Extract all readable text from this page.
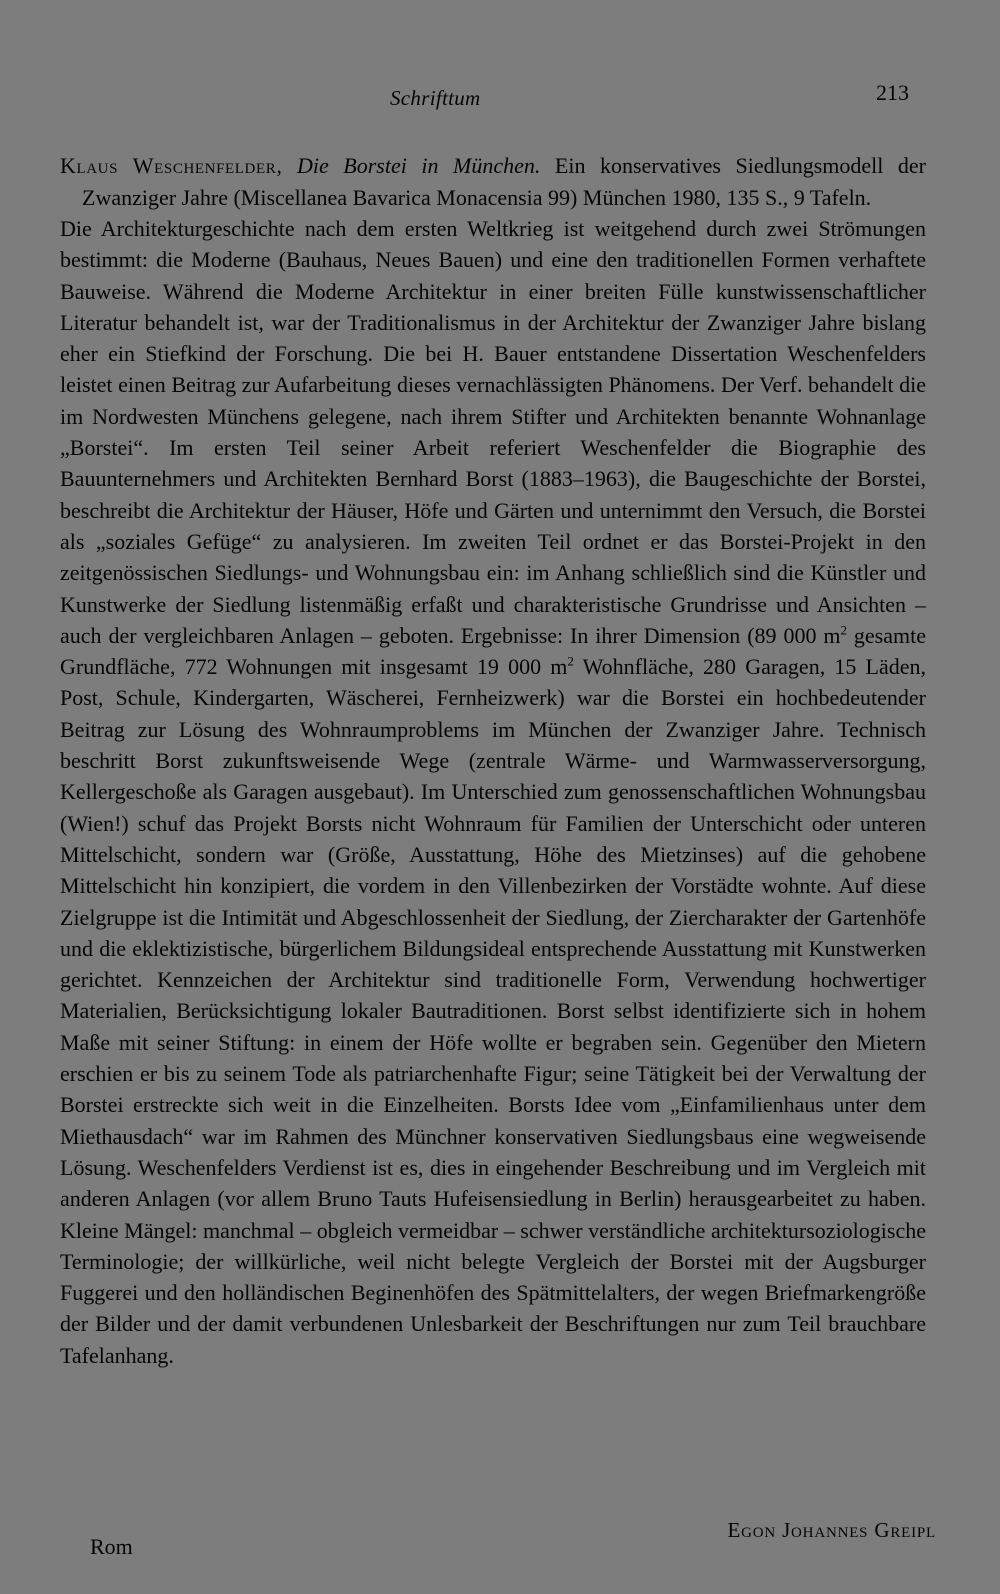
Schrifttum	213

Klaus Weschenfelder, Die Borstei in München. Ein konservatives Siedlungsmodell der Zwanziger Jahre (Miscellanea Bavarica Monacensia 99) München 1980, 135 S., 9 Tafeln.

Die Architekturgeschichte nach dem ersten Weltkrieg ist weitgehend durch zwei Strömungen bestimmt: die Moderne (Bauhaus, Neues Bauen) und eine den traditionellen Formen verhaftete Bauweise. Während die Moderne Architektur in einer breiten Fülle kunstwissenschaftlicher Literatur behandelt ist, war der Traditionalismus in der Architektur der Zwanziger Jahre bislang eher ein Stiefkind der Forschung. Die bei H. Bauer entstandene Dissertation Weschenfelders leistet einen Beitrag zur Aufarbeitung dieses vernachlässigten Phänomens. Der Verf. behandelt die im Nordwesten Münchens gelegene, nach ihrem Stifter und Architekten benannte Wohnanlage „Borstei“. Im ersten Teil seiner Arbeit referiert Weschenfelder die Biographie des Bauunternehmers und Architekten Bernhard Borst (1883–1963), die Baugeschichte der Borstei, beschreibt die Architektur der Häuser, Höfe und Gärten und unternimmt den Versuch, die Borstei als „soziales Gefüge“ zu analysieren. Im zweiten Teil ordnet er das Borstei-Projekt in den zeitgenössischen Siedlungs- und Wohnungsbau ein: im Anhang schließlich sind die Künstler und Kunstwerke der Siedlung listenmäßig erfaßt und charakteristische Grundrisse und Ansichten – auch der vergleichbaren Anlagen – geboten. Ergebnisse: In ihrer Dimension (89 000 $m^2$ gesamte Grundfläche, 772 Wohnungen mit insgesamt 19 000 $m^2$ Wohnfläche, 280 Garagen, 15 Läden, Post, Schule, Kindergarten, Wäscherei, Fernheizwerk) war die Borstei ein hochbedeutender Beitrag zur Lösung des Wohnraumproblems im München der Zwanziger Jahre. Technisch beschritt Borst zukunftsweisende Wege (zentrale Wärme- und Warmwasserversorgung, Kellergeschoße als Garagen ausgebaut). Im Unterschied zum genossenschaftlichen Wohnungsbau (Wien!) schuf das Projekt Borsts nicht Wohnraum für Familien der Unterschicht oder unteren Mittelschicht, sondern war (Größe, Ausstattung, Höhe des Mietzinses) auf die gehobene Mittelschicht hin konzipiert, die vordem in den Villenbezirken der Vorstädte wohnte. Auf diese Zielgruppe ist die Intimität und Abgeschlossenheit der Siedlung, der Ziercharakter der Gartenhöfe und die eklektizistische, bürgerlichem Bildungsideal entsprechende Ausstattung mit Kunstwerken gerichtet. Kennzeichen der Architektur sind traditionelle Form, Verwendung hochwertiger Materialien, Berücksichtigung lokaler Bautraditionen. Borst selbst identifizierte sich in hohem Maße mit seiner Stiftung: in einem der Höfe wollte er begraben sein. Gegenüber den Mietern erschien er bis zu seinem Tode als patriarchenhafte Figur; seine Tätigkeit bei der Verwaltung der Borstei erstreckte sich weit in die Einzelheiten. Borsts Idee vom „Einfamilienhaus unter dem Miethausdach“ war im Rahmen des Münchner konservativen Siedlungsbaus eine wegweisende Lösung. Weschenfelders Verdienst ist es, dies in eingehender Beschreibung und im Vergleich mit anderen Anlagen (vor allem Bruno Tauts Hufeisensiedlung in Berlin) herausgearbeitet zu haben. Kleine Mängel: manchmal – obgleich vermeidbar – schwer verständliche architektursoziologische Terminologie; der willkürliche, weil nicht belegte Vergleich der Borstei mit der Augsburger Fuggerei und den holländischen Beginenhöfen des Spätmittelalters, der wegen Briefmarkengröße der Bilder und der damit verbundenen Unlesbarkeit der Beschriftungen nur zum Teil brauchbare Tafelanhang.

Rom
Egon Johannes Greipl
